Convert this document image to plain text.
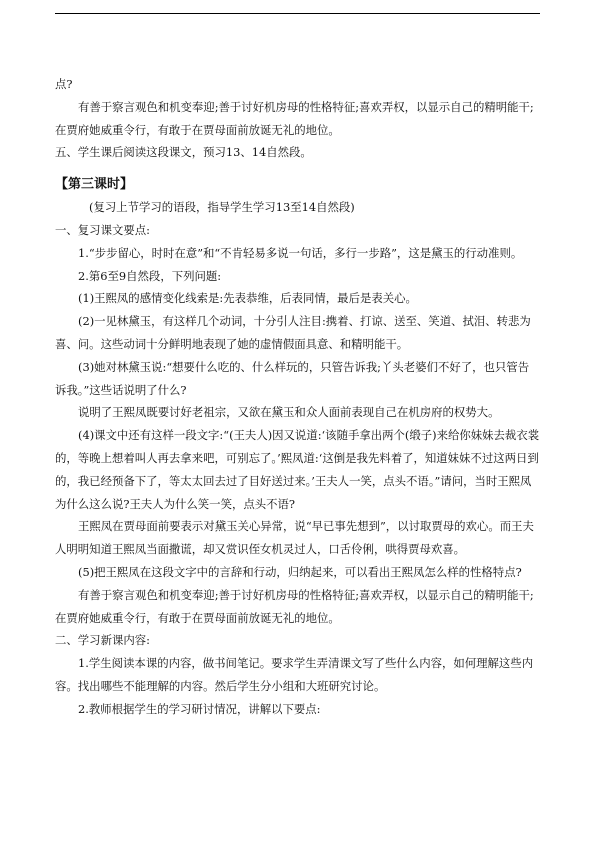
点?

有善于察言观色和机变奉迎;善于讨好机房母的性格特征;喜欢弄权，以显示自己的精明能干;在贾府她威重令行，有敢于在贾母面前放诞无礼的地位。

五、学生课后阅读这段课文，预习13、14自然段。

【第三课时】

(复习上节学习的语段，指导学生学习13至14自然段)

一、复习课文要点:

1.“步步留心，时时在意”和“不肯轻易多说一句话，多行一步路”，这是黛玉的行动准则。

2.第6至9自然段，下列问题:

(1)王熙凤的感情变化线索是:先表恭维，后表同情，最后是表关心。

(2)一见林黛玉，有这样几个动词，十分引人注目:携着、打谅、送至、笑道、拭泪、转悲为喜、问。这些动词十分鲜明地表现了她的虚情假面具意、和精明能干。

(3)她对林黛玉说:“想要什么吃的、什么样玩的，只管告诉我;丫头老婆们不好了，也只管告诉我。”这些话说明了什么?

说明了王熙凤既要讨好老祖宗，又欲在黛玉和众人面前表现自己在机房府的权势大。

(4)课文中还有这样一段文字:“(王夫人)因又说道:‘该随手拿出两个(缎子)来给你妹妹去裁衣裳的，等晚上想着叫人再去拿来吧，可别忘了。’熙凤道:‘这倒是我先料着了，知道妹妹不过这两日到的，我已经预备下了，等太太回去过了目好送过来。’王夫人一笑，点头不语。”请问，当时王熙凤为什么这么说?王夫人为什么笑一笑，点头不语?

王熙凤在贾母面前要表示对黛玉关心异常，说“早已事先想到”，以讨取贾母的欢心。而王夫人明明知道王熙凤当面撒谎，却又赏识侄女机灵过人，口舌伶俐，哄得贾母欢喜。

(5)把王熙凤在这段文字中的言辞和行动，归纳起来，可以看出王熙凤怎么样的性格特点?

有善于察言观色和机变奉迎;善于讨好机房母的性格特征;喜欢弄权，以显示自己的精明能干;在贾府她威重令行，有敢于在贾母面前放诞无礼的地位。

二、学习新课内容:

1.学生阅读本课的内容，做书间笔记。要求学生弄清课文写了些什么内容，如何理解这些内容。找出哪些不能理解的内容。然后学生分小组和大班研究讨论。

2.教师根据学生的学习研讨情况，讲解以下要点:
